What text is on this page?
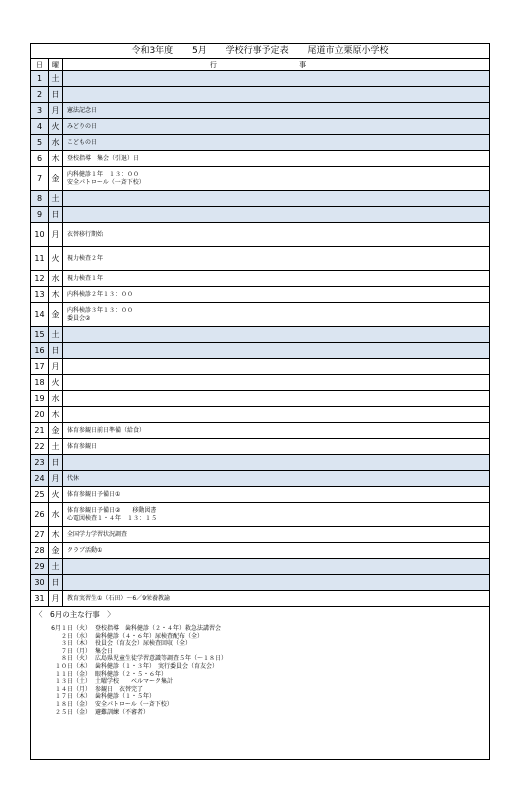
令和3年度 5月 学校行事予定表 尾道市立栗原小学校
日	曜	行 事
1	土	
2	日	
3	月	憲法記念日
4	火	みどりの日
5	水	こどもの日
6	木	登校指導　集会（引退）日
7	金	内科健診１年　１３：００
安全パトロール（一斉下校）
8	土	
9	日	
10	月	衣替移行期始
11	火	視力検査２年
12	水	視力検査１年
13	木	内科検診２年１３：００
14	金	内科検診３年１３：００
委員会②
15	土	
16	日	
17	月	
18	火	
19	水	
20	木	
21	金	体育参観日前日準備（給食）
22	土	体育参観日
23	日	
24	月	代休
25	火	体育参観日予備日①
26	水	体育参観日予備日②　　移動図書
心電図検査１・４年　１３：１５
27	木	全国学力学習状況調査
28	金	クラブ活動①
29	土	
30	日	
31	月	教育実習生①（石田）～6／9栄養教諭
〈　6月の主な行事　〉
6月１日（火） 登校指導　歯科健診（２・４年）救急法講習会
２日（水） 歯科健診（４・６年）尿検査配布（全）
３日（木） 役員会（育友会）尿検査回収（全）
７日（月） 集会日
８日（火） 広島県児童生徒学習意識等調査５年（～１８日）
１０日（木） 歯科健診（１・３年）　実行委員会（育友会）
１１日（金） 眼科健診（２・５・６年）
１３日（土） 土曜学校　　ベルマーク集計
１４日（月） 参観日　衣替完了
１７日（木） 歯科健診（１・５年）
１８日（金） 安全パトロール（一斉下校）
２５日（金） 避難訓練（不審者）
